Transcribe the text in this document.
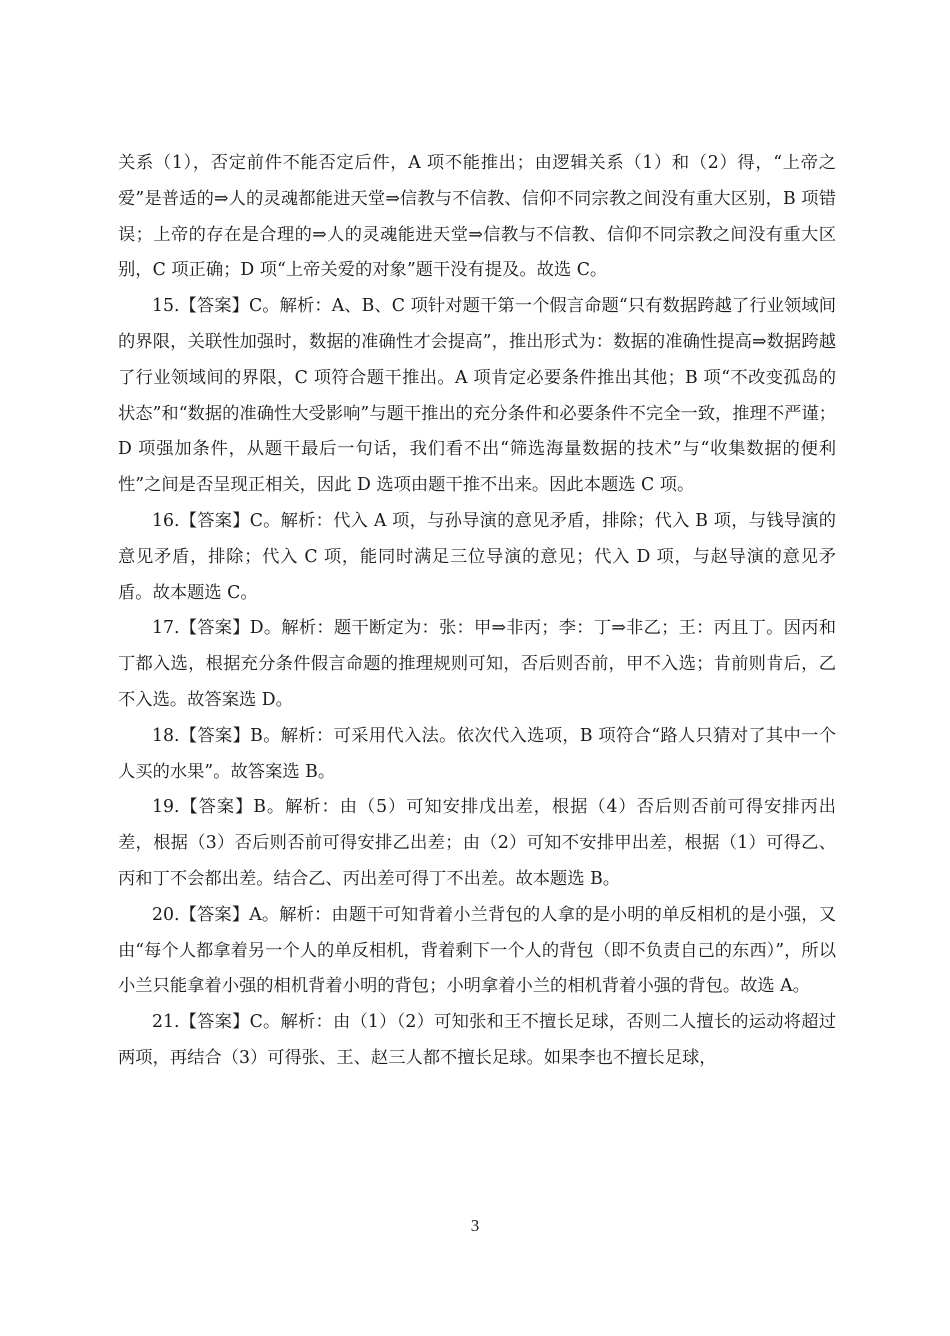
关系（1），否定前件不能否定后件，A 项不能推出；由逻辑关系（1）和（2）得，“上帝之爱”是普适的⇒人的灵魂都能进天堂⇒信教与不信教、信仰不同宗教之间没有重大区别，B 项错误；上帝的存在是合理的⇒人的灵魂能进天堂⇒信教与不信教、信仰不同宗教之间没有重大区别，C 项正确；D 项“上帝关爱的对象”题干没有提及。故选 C。

15.【答案】C。解析：A、B、C 项针对题干第一个假言命题“只有数据跨越了行业领域间的界限，关联性加强时，数据的准确性才会提高”，推出形式为：数据的准确性提高⇒数据跨越了行业领域间的界限，C 项符合题干推出。A 项肯定必要条件推出其他；B 项“不改变孤岛的状态”和“数据的准确性大受影响”与题干推出的充分条件和必要条件不完全一致，推理不严谨；D 项强加条件，从题干最后一句话，我们看不出“筛选海量数据的技术”与“收集数据的便利性”之间是否呈现正相关，因此 D 选项由题干推不出来。因此本题选 C 项。

16.【答案】C。解析：代入 A 项，与孙导演的意见矛盾，排除；代入 B 项，与钱导演的意见矛盾，排除；代入 C 项，能同时满足三位导演的意见；代入 D 项，与赵导演的意见矛盾。故本题选 C。

17.【答案】D。解析：题干断定为：张：甲⇒非丙；李：丁⇒非乙；王：丙且丁。因丙和丁都入选，根据充分条件假言命题的推理规则可知，否后则否前，甲不入选；肯前则肯后，乙不入选。故答案选 D。

18.【答案】B。解析：可采用代入法。依次代入选项，B 项符合“路人只猜对了其中一个人买的水果”。故答案选 B。

19.【答案】B。解析：由（5）可知安排戊出差，根据（4）否后则否前可得安排丙出差，根据（3）否后则否前可得安排乙出差；由（2）可知不安排甲出差，根据（1）可得乙、丙和丁不会都出差。结合乙、丙出差可得丁不出差。故本题选 B。

20.【答案】A。解析：由题干可知背着小兰背包的人拿的是小明的单反相机的是小强，又由“每个人都拿着另一个人的单反相机，背着剩下一个人的背包（即不负责自己的东西）”，所以小兰只能拿着小强的相机背着小明的背包；小明拿着小兰的相机背着小强的背包。故选 A。

21.【答案】C。解析：由（1）（2）可知张和王不擅长足球，否则二人擅长的运动将超过两项，再结合（3）可得张、王、赵三人都不擅长足球。如果李也不擅长足球，

3
